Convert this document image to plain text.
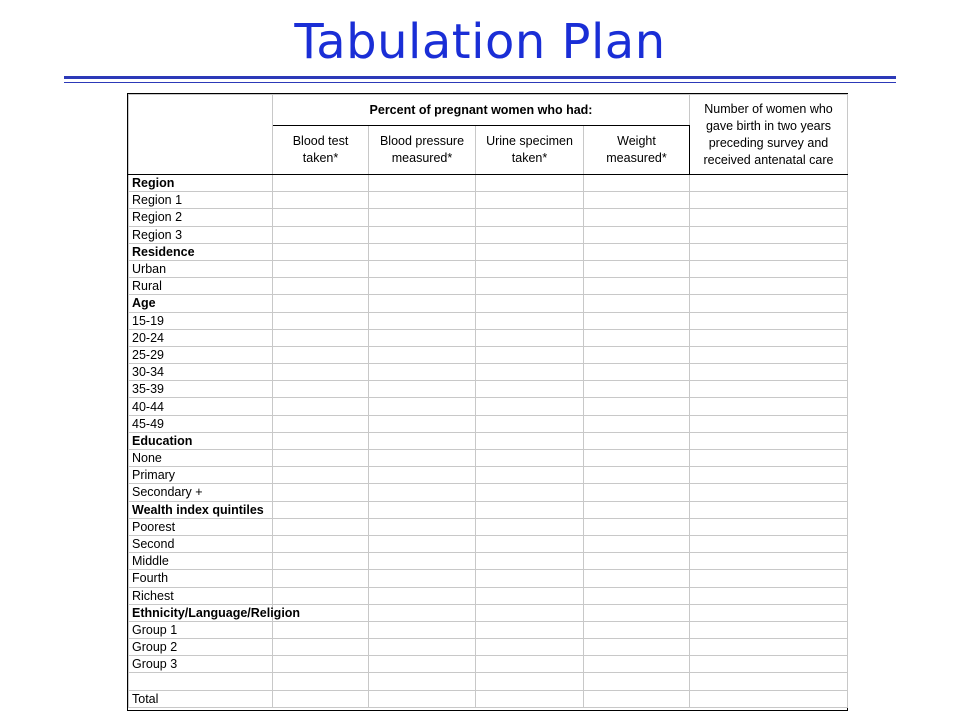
Tabulation Plan
	Percent of pregnant women who had:				Number of women who gave birth in two years preceding survey and received antenatal care
	Blood test taken*	Blood pressure measured*	Urine specimen taken*	Weight measured*	
Region					
Region 1					
Region 2					
Region 3					
Residence					
Urban					
Rural					
Age					
15-19					
20-24					
25-29					
30-34					
35-39					
40-44					
45-49					
Education					
None					
Primary					
Secondary +					
Wealth index quintiles					
Poorest					
Second					
Middle					
Fourth					
Richest					
Ethnicity/Language/Religion					
Group 1					
Group 2					
Group 3					

Total					
